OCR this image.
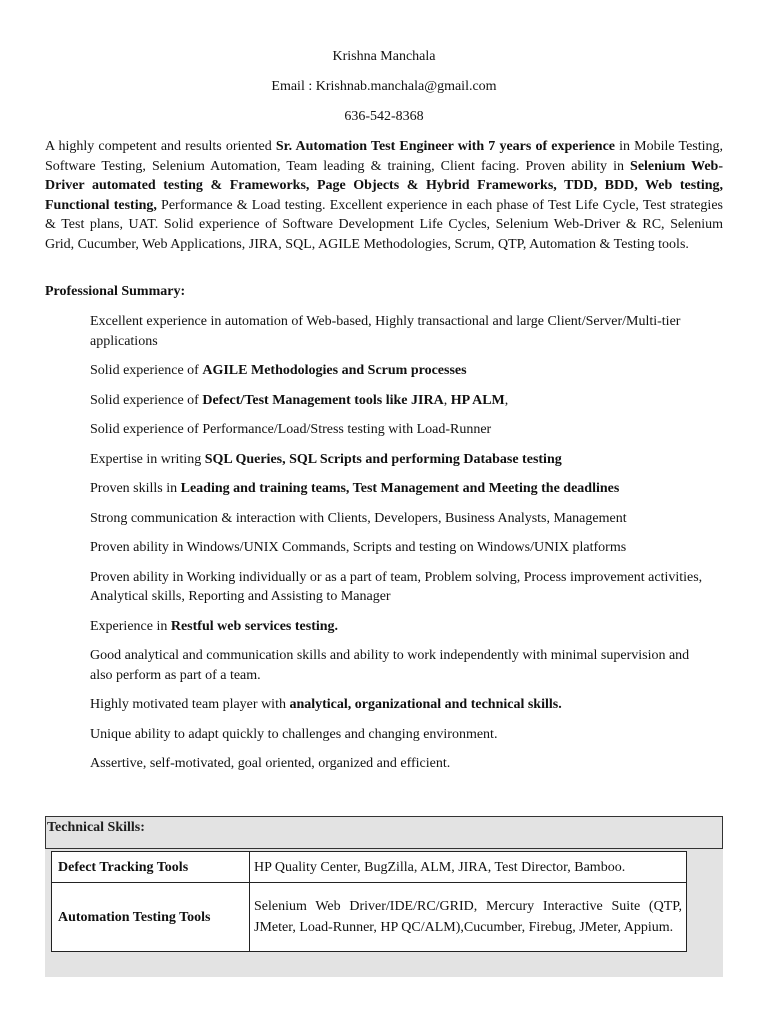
Krishna Manchala
Email : Krishnab.manchala@gmail.com
636-542-8368
A highly competent and results oriented Sr. Automation Test Engineer with 7 years of experience in Mobile Testing, Software Testing, Selenium Automation, Team leading & training, Client facing. Proven ability in Selenium Web-Driver automated testing & Frameworks, Page Objects & Hybrid Frameworks, TDD, BDD, Web testing, Functional testing, Performance & Load testing. Excellent experience in each phase of Test Life Cycle, Test strategies & Test plans, UAT. Solid experience of Software Development Life Cycles, Selenium Web-Driver & RC, Selenium Grid, Cucumber, Web Applications, JIRA, SQL, AGILE Methodologies, Scrum, QTP, Automation & Testing tools.
Professional Summary:
Excellent experience in automation of Web-based, Highly transactional and large Client/Server/Multi-tier applications
Solid experience of AGILE Methodologies and Scrum processes
Solid experience of Defect/Test Management tools like JIRA, HP ALM,
Solid experience of Performance/Load/Stress testing with Load-Runner
Expertise in writing SQL Queries, SQL Scripts and performing Database testing
Proven skills in Leading and training teams, Test Management and Meeting the deadlines
Strong communication & interaction with Clients, Developers, Business Analysts, Management
Proven ability in Windows/UNIX Commands, Scripts and testing on Windows/UNIX platforms
Proven ability in Working individually or as a part of team, Problem solving, Process improvement activities, Analytical skills, Reporting and Assisting to Manager
Experience in Restful web services testing.
Good analytical and communication skills and ability to work independently with minimal supervision and also perform as part of a team.
Highly motivated team player with analytical, organizational and technical skills.
Unique ability to adapt quickly to challenges and changing environment.
Assertive, self-motivated, goal oriented, organized and efficient.
Technical Skills:
Defect Tracking Tools	HP Quality Center, BugZilla, ALM, JIRA, Test Director, Bamboo.
Automation Testing Tools	Selenium Web Driver/IDE/RC/GRID, Mercury Interactive Suite (QTP, JMeter, Load-Runner, HP QC/ALM),Cucumber, Firebug, JMeter, Appium.
